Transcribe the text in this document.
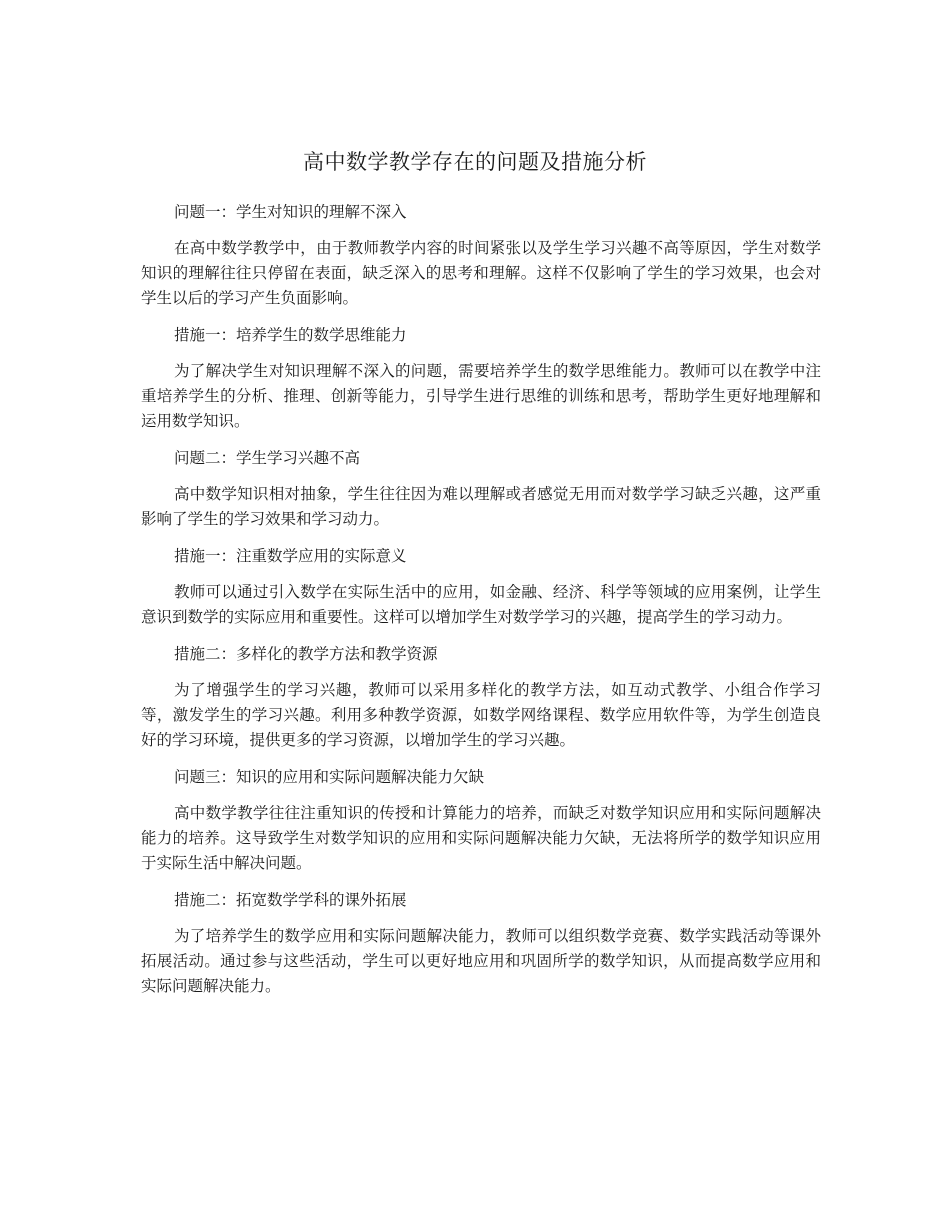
高中数学教学存在的问题及措施分析
问题一：学生对知识的理解不深入
在高中数学教学中，由于教师教学内容的时间紧张以及学生学习兴趣不高等原因，学生对数学知识的理解往往只停留在表面，缺乏深入的思考和理解。这样不仅影响了学生的学习效果，也会对学生以后的学习产生负面影响。
措施一：培养学生的数学思维能力
为了解决学生对知识理解不深入的问题，需要培养学生的数学思维能力。教师可以在教学中注重培养学生的分析、推理、创新等能力，引导学生进行思维的训练和思考，帮助学生更好地理解和运用数学知识。
问题二：学生学习兴趣不高
高中数学知识相对抽象，学生往往因为难以理解或者感觉无用而对数学学习缺乏兴趣，这严重影响了学生的学习效果和学习动力。
措施一：注重数学应用的实际意义
教师可以通过引入数学在实际生活中的应用，如金融、经济、科学等领域的应用案例，让学生意识到数学的实际应用和重要性。这样可以增加学生对数学学习的兴趣，提高学生的学习动力。
措施二：多样化的教学方法和教学资源
为了增强学生的学习兴趣，教师可以采用多样化的教学方法，如互动式教学、小组合作学习等，激发学生的学习兴趣。利用多种教学资源，如数学网络课程、数学应用软件等，为学生创造良好的学习环境，提供更多的学习资源，以增加学生的学习兴趣。
问题三：知识的应用和实际问题解决能力欠缺
高中数学教学往往注重知识的传授和计算能力的培养，而缺乏对数学知识应用和实际问题解决能力的培养。这导致学生对数学知识的应用和实际问题解决能力欠缺，无法将所学的数学知识应用于实际生活中解决问题。
措施二：拓宽数学学科的课外拓展
为了培养学生的数学应用和实际问题解决能力，教师可以组织数学竞赛、数学实践活动等课外拓展活动。通过参与这些活动，学生可以更好地应用和巩固所学的数学知识，从而提高数学应用和实际问题解决能力。
